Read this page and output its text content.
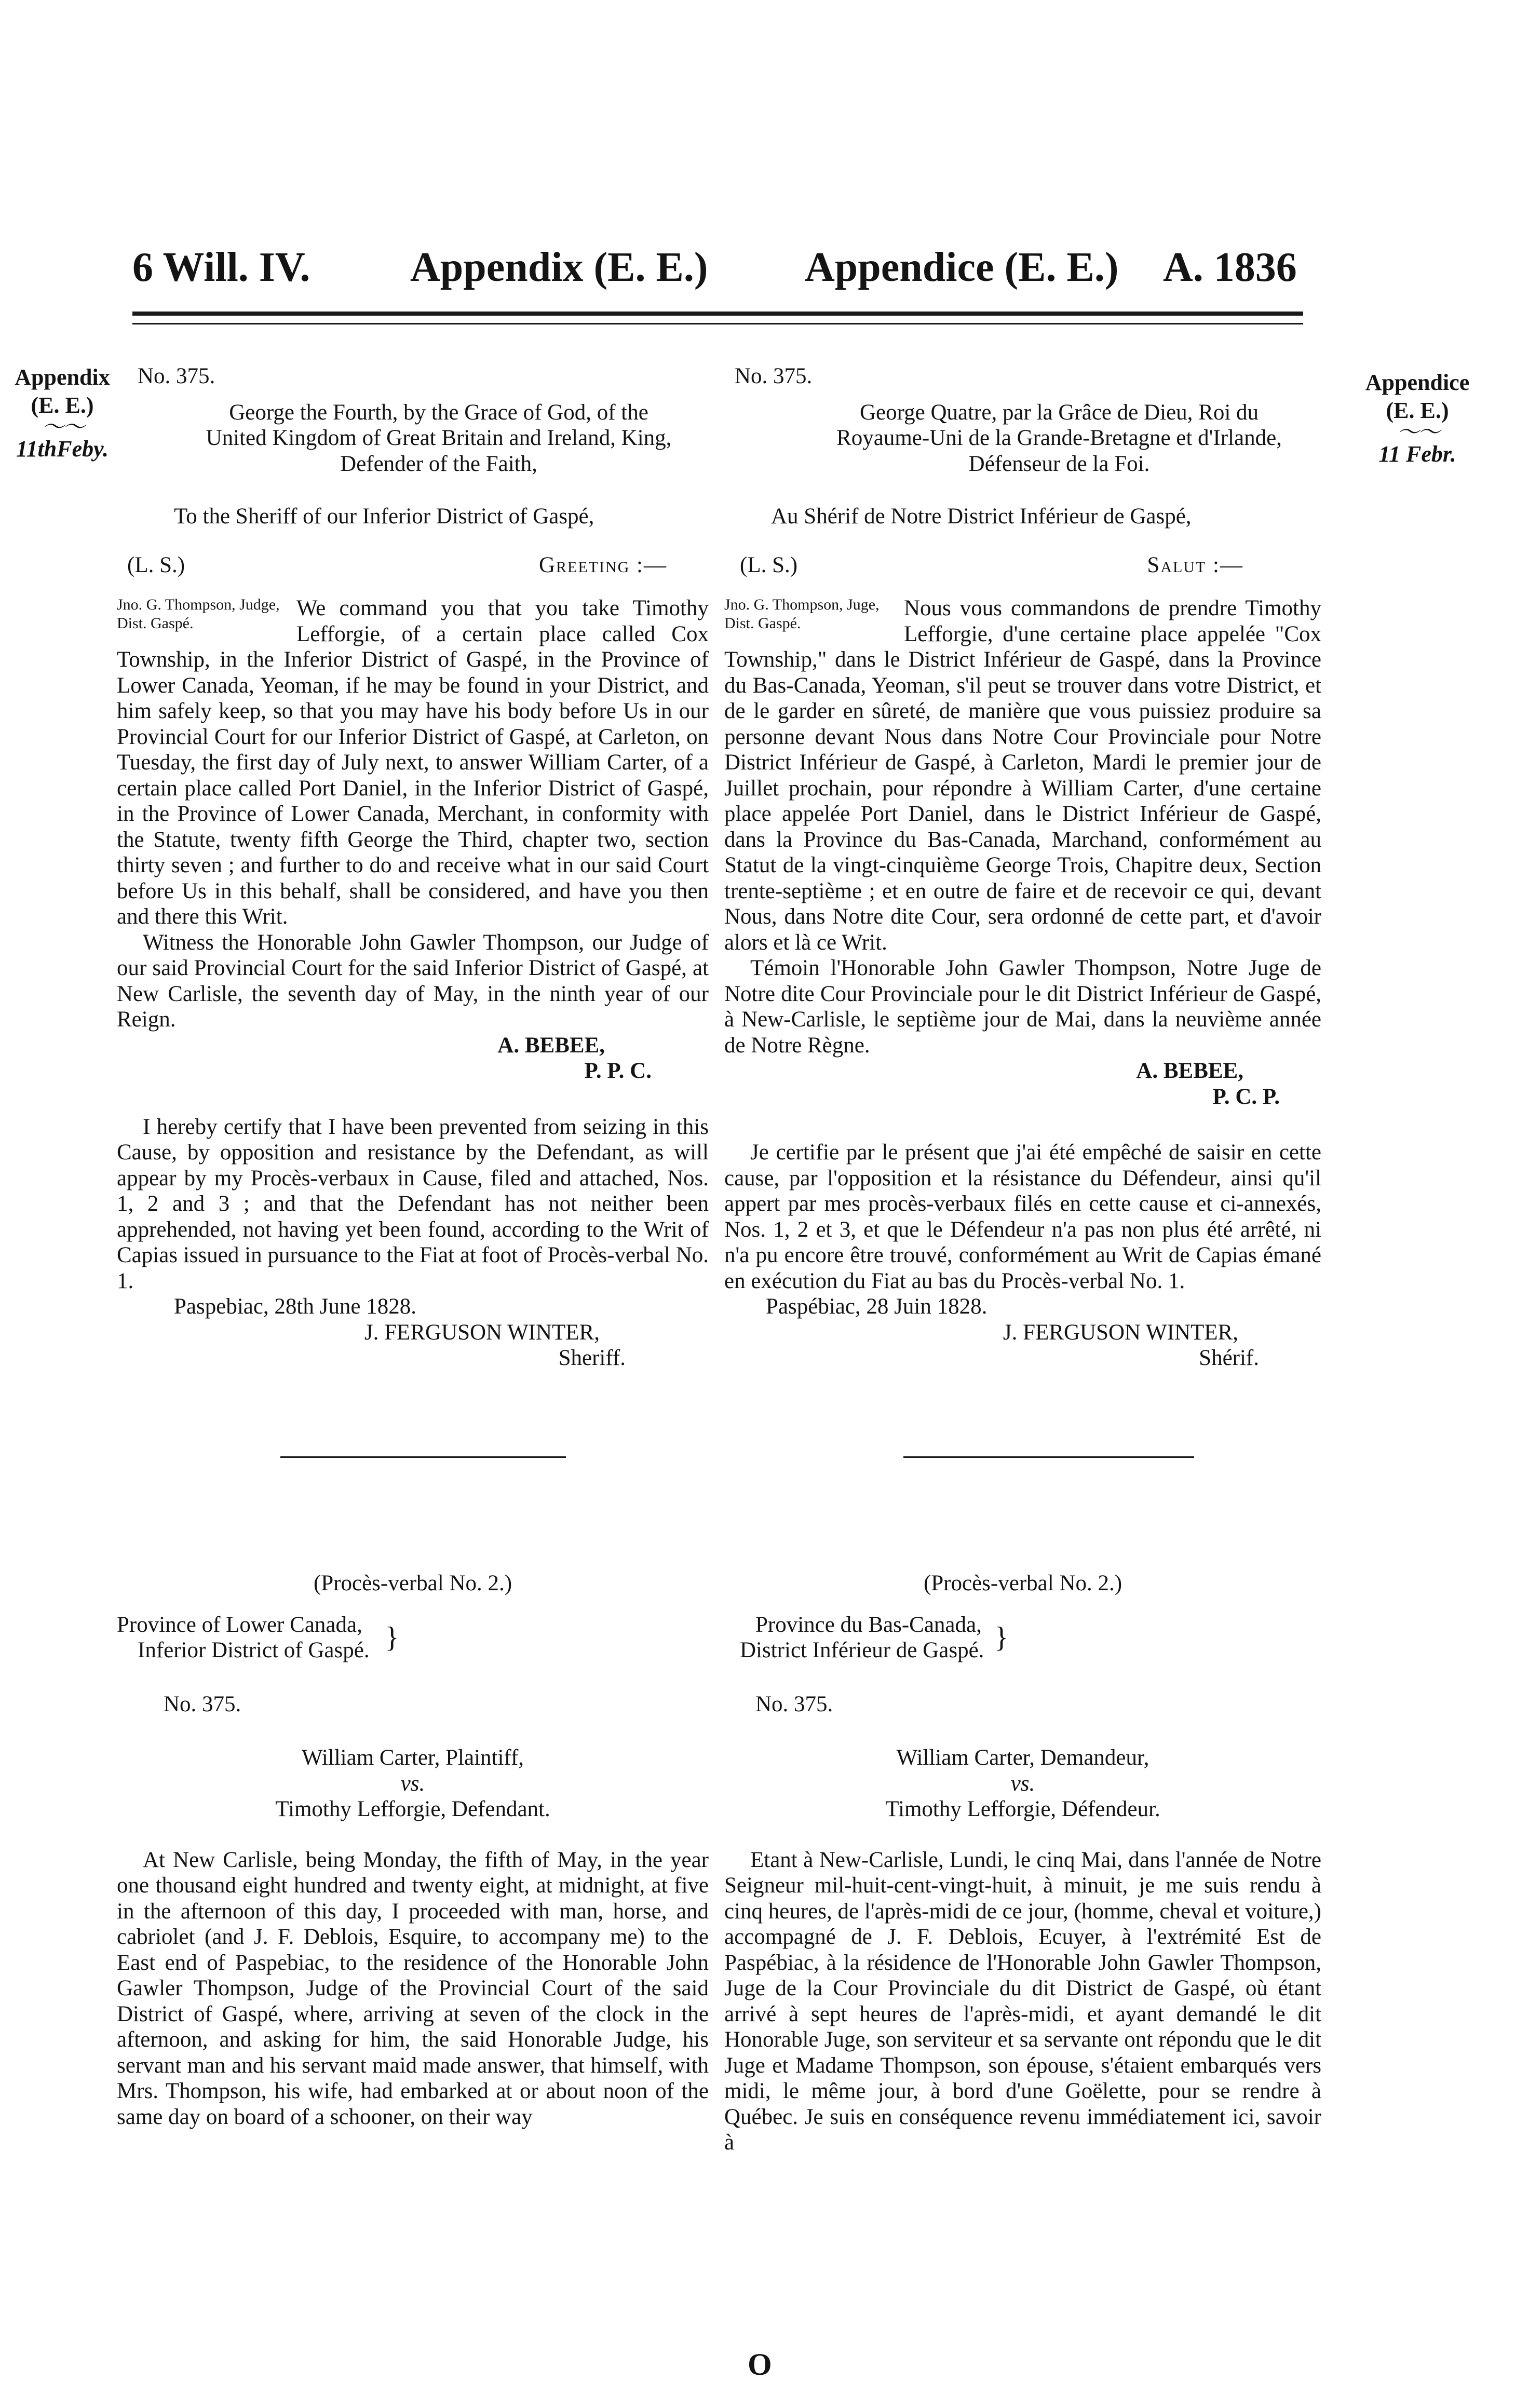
6 Will. IV. Appendix (E. E.) Appendice (E. E.) A. 1836
Appendix
(E. E.)
〜〜
11thFeby.
Appendice
(E. E.)
〜〜
11 Febr.

No. 375.

George the Fourth, by the Grace of God, of the United Kingdom of Great Britain and Ireland, King, Defender of the Faith,

To the Sheriff of our Inferior District of Gaspé,

(L. S.)	Greeting :—
Jno. G. Thompson, Judge, Dist. Gaspé.

We command you that you take Timothy Lefforgie, of a certain place called Cox Township, in the Inferior District of Gaspé, in the Province of Lower Canada, Yeoman, if he may be found in your District, and him safely keep, so that you may have his body before Us in our Provincial Court for our Inferior District of Gaspé, at Carleton, on Tuesday, the first day of July next, to answer William Carter, of a certain place called Port Daniel, in the Inferior District of Gaspé, in the Province of Lower Canada, Merchant, in conformity with the Statute, twenty fifth George the Third, chapter two, section thirty seven ; and further to do and receive what in our said Court before Us in this behalf, shall be considered, and have you then and there this Writ.

Witness the Honorable John Gawler Thompson, our Judge of our said Provincial Court for the said Inferior District of Gaspé, at New Carlisle, the seventh day of May, in the ninth year of our Reign.

A. BEBEE,

P. P. C.

I hereby certify that I have been prevented from seizing in this Cause, by opposition and resistance by the Defendant, as will appear by my Procès-verbaux in Cause, filed and attached, Nos. 1, 2 and 3 ; and that the Defendant has not neither been apprehended, not having yet been found, according to the Writ of Capias issued in pursuance to the Fiat at foot of Procès-verbal No. 1.

Paspebiac, 28th June 1828.

J. FERGUSON WINTER,

Sheriff.

No. 375.

George Quatre, par la Grâce de Dieu, Roi du Royaume-Uni de la Grande-Bretagne et d'Irlande, Défenseur de la Foi.

Au Shérif de Notre District Inférieur de Gaspé,

(L. S.)	Salut :—
Jno. G. Thompson, Juge, Dist. Gaspé.

Nous vous commandons de prendre Timothy Lefforgie, d'une certaine place appelée "Cox Township," dans le District Inférieur de Gaspé, dans la Province du Bas-Canada, Yeoman, s'il peut se trouver dans votre District, et de le garder en sûreté, de manière que vous puissiez produire sa personne devant Nous dans Notre Cour Provinciale pour Notre District Inférieur de Gaspé, à Carleton, Mardi le premier jour de Juillet prochain, pour répondre à William Carter, d'une certaine place appelée Port Daniel, dans le District Inférieur de Gaspé, dans la Province du Bas-Canada, Marchand, conformément au Statut de la vingt-cinquième George Trois, Chapitre deux, Section trente-septième ; et en outre de faire et de recevoir ce qui, devant Nous, dans Notre dite Cour, sera ordonné de cette part, et d'avoir alors et là ce Writ.

Témoin l'Honorable John Gawler Thompson, Notre Juge de Notre dite Cour Provinciale pour le dit District Inférieur de Gaspé, à New-Carlisle, le septième jour de Mai, dans la neuvième année de Notre Règne.

A. BEBEE,

P. C. P.

Je certifie par le présent que j'ai été empêché de saisir en cette cause, par l'opposition et la résistance du Défendeur, ainsi qu'il appert par mes procès-verbaux filés en cette cause et ci-annexés, Nos. 1, 2 et 3, et que le Défendeur n'a pas non plus été arrêté, ni n'a pu encore être trouvé, conformément au Writ de Capias émané en exécution du Fiat au bas du Procès-verbal No. 1.

Paspébiac, 28 Juin 1828.

J. FERGUSON WINTER,

Shérif.

(Procès-verbal No. 2.)

Province of Lower Canada,

Inferior District of Gaspé. }

No. 375.

William Carter, Plaintiff,

vs.

Timothy Lefforgie, Defendant.

At New Carlisle, being Monday, the fifth of May, in the year one thousand eight hundred and twenty eight, at midnight, at five in the afternoon of this day, I proceeded with man, horse, and cabriolet (and J. F. Deblois, Esquire, to accompany me) to the East end of Paspebiac, to the residence of the Honorable John Gawler Thompson, Judge of the Provincial Court of the said District of Gaspé, where, arriving at seven of the clock in the afternoon, and asking for him, the said Honorable Judge, his servant man and his servant maid made answer, that himself, with Mrs. Thompson, his wife, had embarked at or about noon of the same day on board of a schooner, on their way

(Procès-verbal No. 2.)

Province du Bas-Canada,

District Inférieur de Gaspé. }

No. 375.

William Carter, Demandeur,

vs.

Timothy Lefforgie, Défendeur.

Etant à New-Carlisle, Lundi, le cinq Mai, dans l'année de Notre Seigneur mil-huit-cent-vingt-huit, à minuit, je me suis rendu à cinq heures, de l'après-midi de ce jour, (homme, cheval et voiture,) accompagné de J. F. Deblois, Ecuyer, à l'extrémité Est de Paspébiac, à la résidence de l'Honorable John Gawler Thompson, Juge de la Cour Provinciale du dit District de Gaspé, où étant arrivé à sept heures de l'après-midi, et ayant demandé le dit Honorable Juge, son serviteur et sa servante ont répondu que le dit Juge et Madame Thompson, son épouse, s'étaient embarqués vers midi, le même jour, à bord d'une Goëlette, pour se rendre à Québec. Je suis en conséquence revenu immédiatement ici, savoir à

O
